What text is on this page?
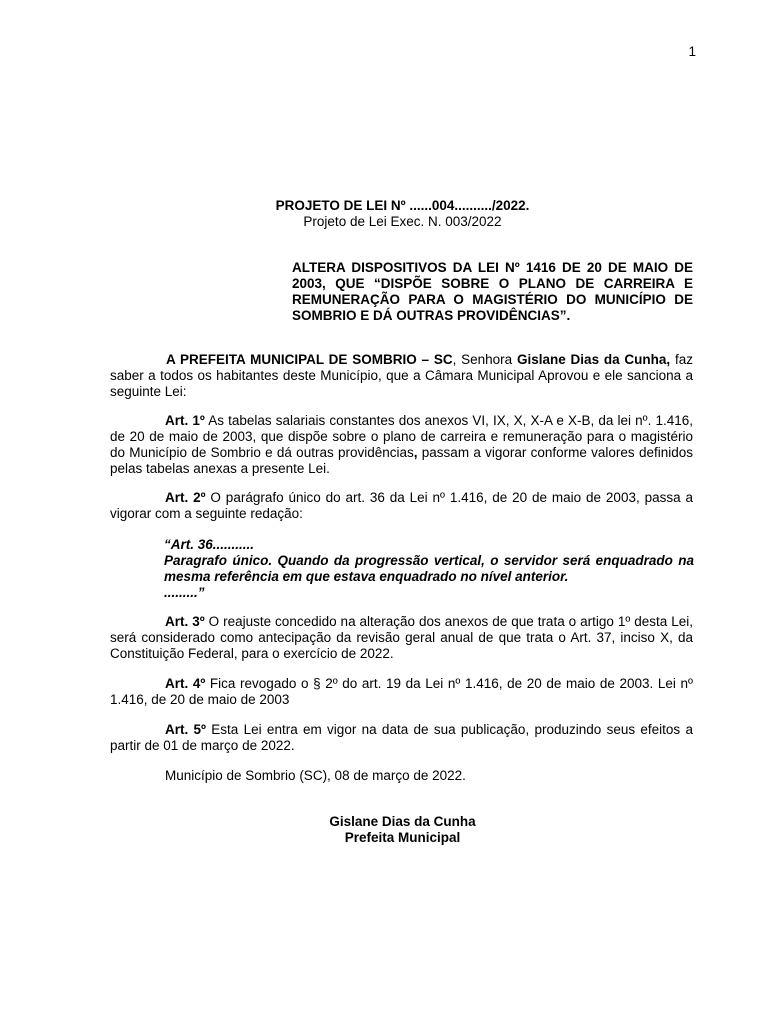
1
PROJETO DE LEI Nº ......004........../2022.
Projeto de Lei Exec. N. 003/2022
ALTERA DISPOSITIVOS DA LEI Nº 1416 DE 20 DE MAIO DE 2003, QUE “DISPÕE SOBRE O PLANO DE CARREIRA E REMUNERAÇÃO PARA O MAGISTÉRIO DO MUNICÍPIO DE SOMBRIO E DÁ OUTRAS PROVIDÊNCIAS”.
A PREFEITA MUNICIPAL DE SOMBRIO – SC, Senhora Gislane Dias da Cunha, faz saber a todos os habitantes deste Município, que a Câmara Municipal Aprovou e ele sanciona a seguinte Lei:
Art. 1º As tabelas salariais constantes dos anexos VI, IX, X, X-A e X-B, da lei nº. 1.416, de 20 de maio de 2003, que dispõe sobre o plano de carreira e remuneração para o magistério do Município de Sombrio e dá outras providências, passam a vigorar conforme valores definidos pelas tabelas anexas a presente Lei.
Art. 2º O parágrafo único do art. 36 da Lei nº 1.416, de 20 de maio de 2003, passa a vigorar com a seguinte redação:
“Art. 36...........
Paragrafo único. Quando da progressão vertical, o servidor será enquadrado na mesma referência em que estava enquadrado no nível anterior.
.........”
Art. 3º O reajuste concedido na alteração dos anexos de que trata o artigo 1º desta Lei, será considerado como antecipação da revisão geral anual de que trata o Art. 37, inciso X, da Constituição Federal, para o exercício de 2022.
Art. 4º Fica revogado o § 2º do art. 19 da Lei nº 1.416, de 20 de maio de 2003. Lei nº 1.416, de 20 de maio de 2003
Art. 5º Esta Lei entra em vigor na data de sua publicação, produzindo seus efeitos a partir de 01 de março de 2022.
Município de Sombrio (SC), 08 de março de 2022.
Gislane Dias da Cunha
Prefeita Municipal
